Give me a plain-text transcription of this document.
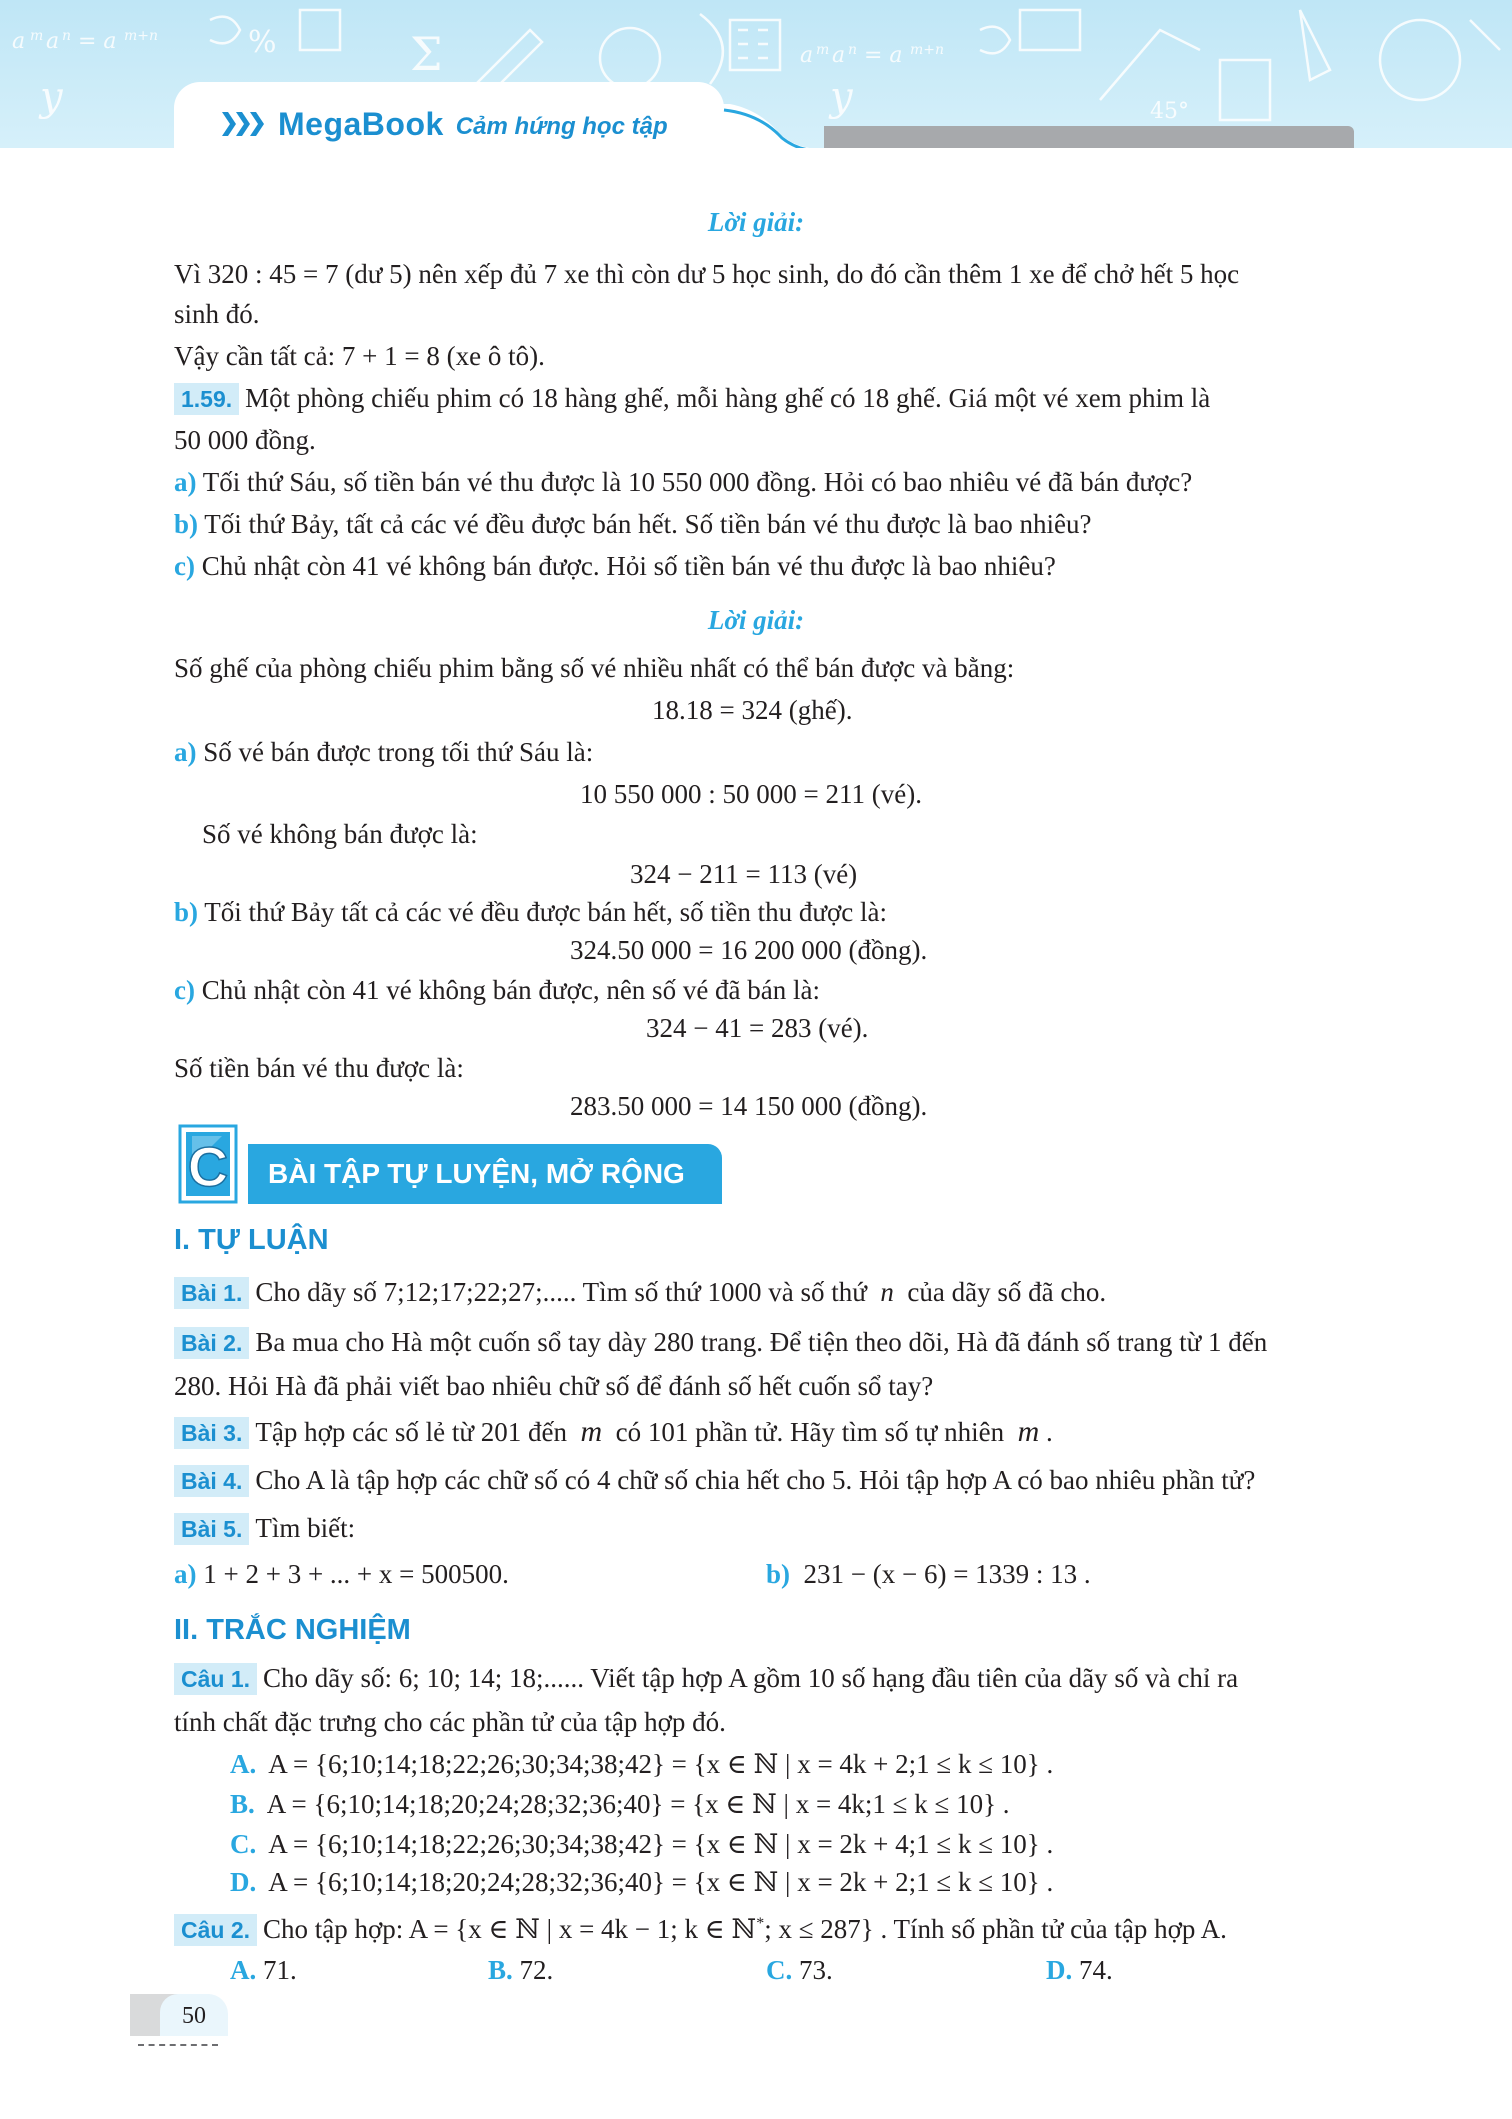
a m a n = a m+n
y
%	Σ	a m a n = a m+n
y	45°
MegaBook Cảm hứng học tập
Lời giải:
Vì 320 : 45 = 7 (dư 5) nên xếp đủ 7 xe thì còn dư 5 học sinh, do đó cần thêm 1 xe để chở hết 5 học
sinh đó.
Vậy cần tất cả: 7 + 1 = 8 (xe ô tô).
1.59. Một phòng chiếu phim có 18 hàng ghế, mỗi hàng ghế có 18 ghế. Giá một vé xem phim là
50 000 đồng.
a) Tối thứ Sáu, số tiền bán vé thu được là 10 550 000 đồng. Hỏi có bao nhiêu vé đã bán được?
b) Tối thứ Bảy, tất cả các vé đều được bán hết. Số tiền bán vé thu được là bao nhiêu?
c) Chủ nhật còn 41 vé không bán được. Hỏi số tiền bán vé thu được là bao nhiêu?
Lời giải:
Số ghế của phòng chiếu phim bằng số vé nhiều nhất có thể bán được và bằng:
18.18 = 324 (ghế).
a) Số vé bán được trong tối thứ Sáu là:
10 550 000 : 50 000 = 211 (vé).
Số vé không bán được là:
324 − 211 = 113 (vé)
b) Tối thứ Bảy tất cả các vé đều được bán hết, số tiền thu được là:
324.50 000 = 16 200 000 (đồng).
c) Chủ nhật còn 41 vé không bán được, nên số vé đã bán là:
324 − 41 = 283 (vé).
Số tiền bán vé thu được là:
283.50 000 = 14 150 000 (đồng).
C	BÀI TẬP TỰ LUYỆN, MỞ RỘNG
I. TỰ LUẬN
Bài 1. Cho dãy số 7;12;17;22;27;..... Tìm số thứ 1000 và số thứ n của dãy số đã cho.
Bài 2. Ba mua cho Hà một cuốn sổ tay dày 280 trang. Để tiện theo dõi, Hà đã đánh số trang từ 1 đến
280. Hỏi Hà đã phải viết bao nhiêu chữ số để đánh số hết cuốn sổ tay?
Bài 3. Tập hợp các số lẻ từ 201 đến m có 101 phần tử. Hãy tìm số tự nhiên m .
Bài 4. Cho A là tập hợp các chữ số có 4 chữ số chia hết cho 5. Hỏi tập hợp A có bao nhiêu phần tử?
Bài 5. Tìm biết:
a) 1 + 2 + 3 + ... + x = 500500.	b) 231 − (x − 6) = 1339 : 13 .
II. TRẮC NGHIỆM
Câu 1. Cho dãy số: 6; 10; 14; 18;...... Viết tập hợp A gồm 10 số hạng đầu tiên của dãy số và chỉ ra
tính chất đặc trưng cho các phần tử của tập hợp đó.
A. A = {6;10;14;18;22;26;30;34;38;42} = {x ∈ ℕ | x = 4k + 2;1 ≤ k ≤ 10} .
B. A = {6;10;14;18;20;24;28;32;36;40} = {x ∈ ℕ | x = 4k;1 ≤ k ≤ 10} .
C. A = {6;10;14;18;22;26;30;34;38;42} = {x ∈ ℕ | x = 2k + 4;1 ≤ k ≤ 10} .
D. A = {6;10;14;18;20;24;28;32;36;40} = {x ∈ ℕ | x = 2k + 2;1 ≤ k ≤ 10} .
Câu 2. Cho tập hợp: A = {x ∈ ℕ | x = 4k − 1; k ∈ ℕ*; x ≤ 287} . Tính số phần tử của tập hợp A.
A. 71.	B. 72.	C. 73.	D. 74.
50
